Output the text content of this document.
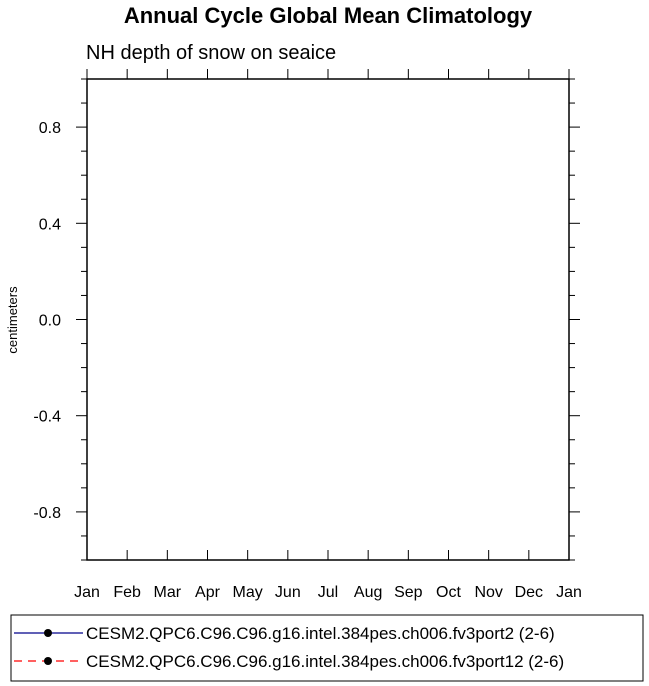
Annual Cycle Global Mean Climatology
NH depth of snow on seaice
centimeters
Jan Feb Mar Apr May Jun Jul Aug Sep Oct Nov Dec Jan
0.8
0.4
0.0
-0.4
-0.8
CESM2.QPC6.C96.C96.g16.intel.384pes.ch006.fv3port2 (2-6)
CESM2.QPC6.C96.C96.g16.intel.384pes.ch006.fv3port12 (2-6)
